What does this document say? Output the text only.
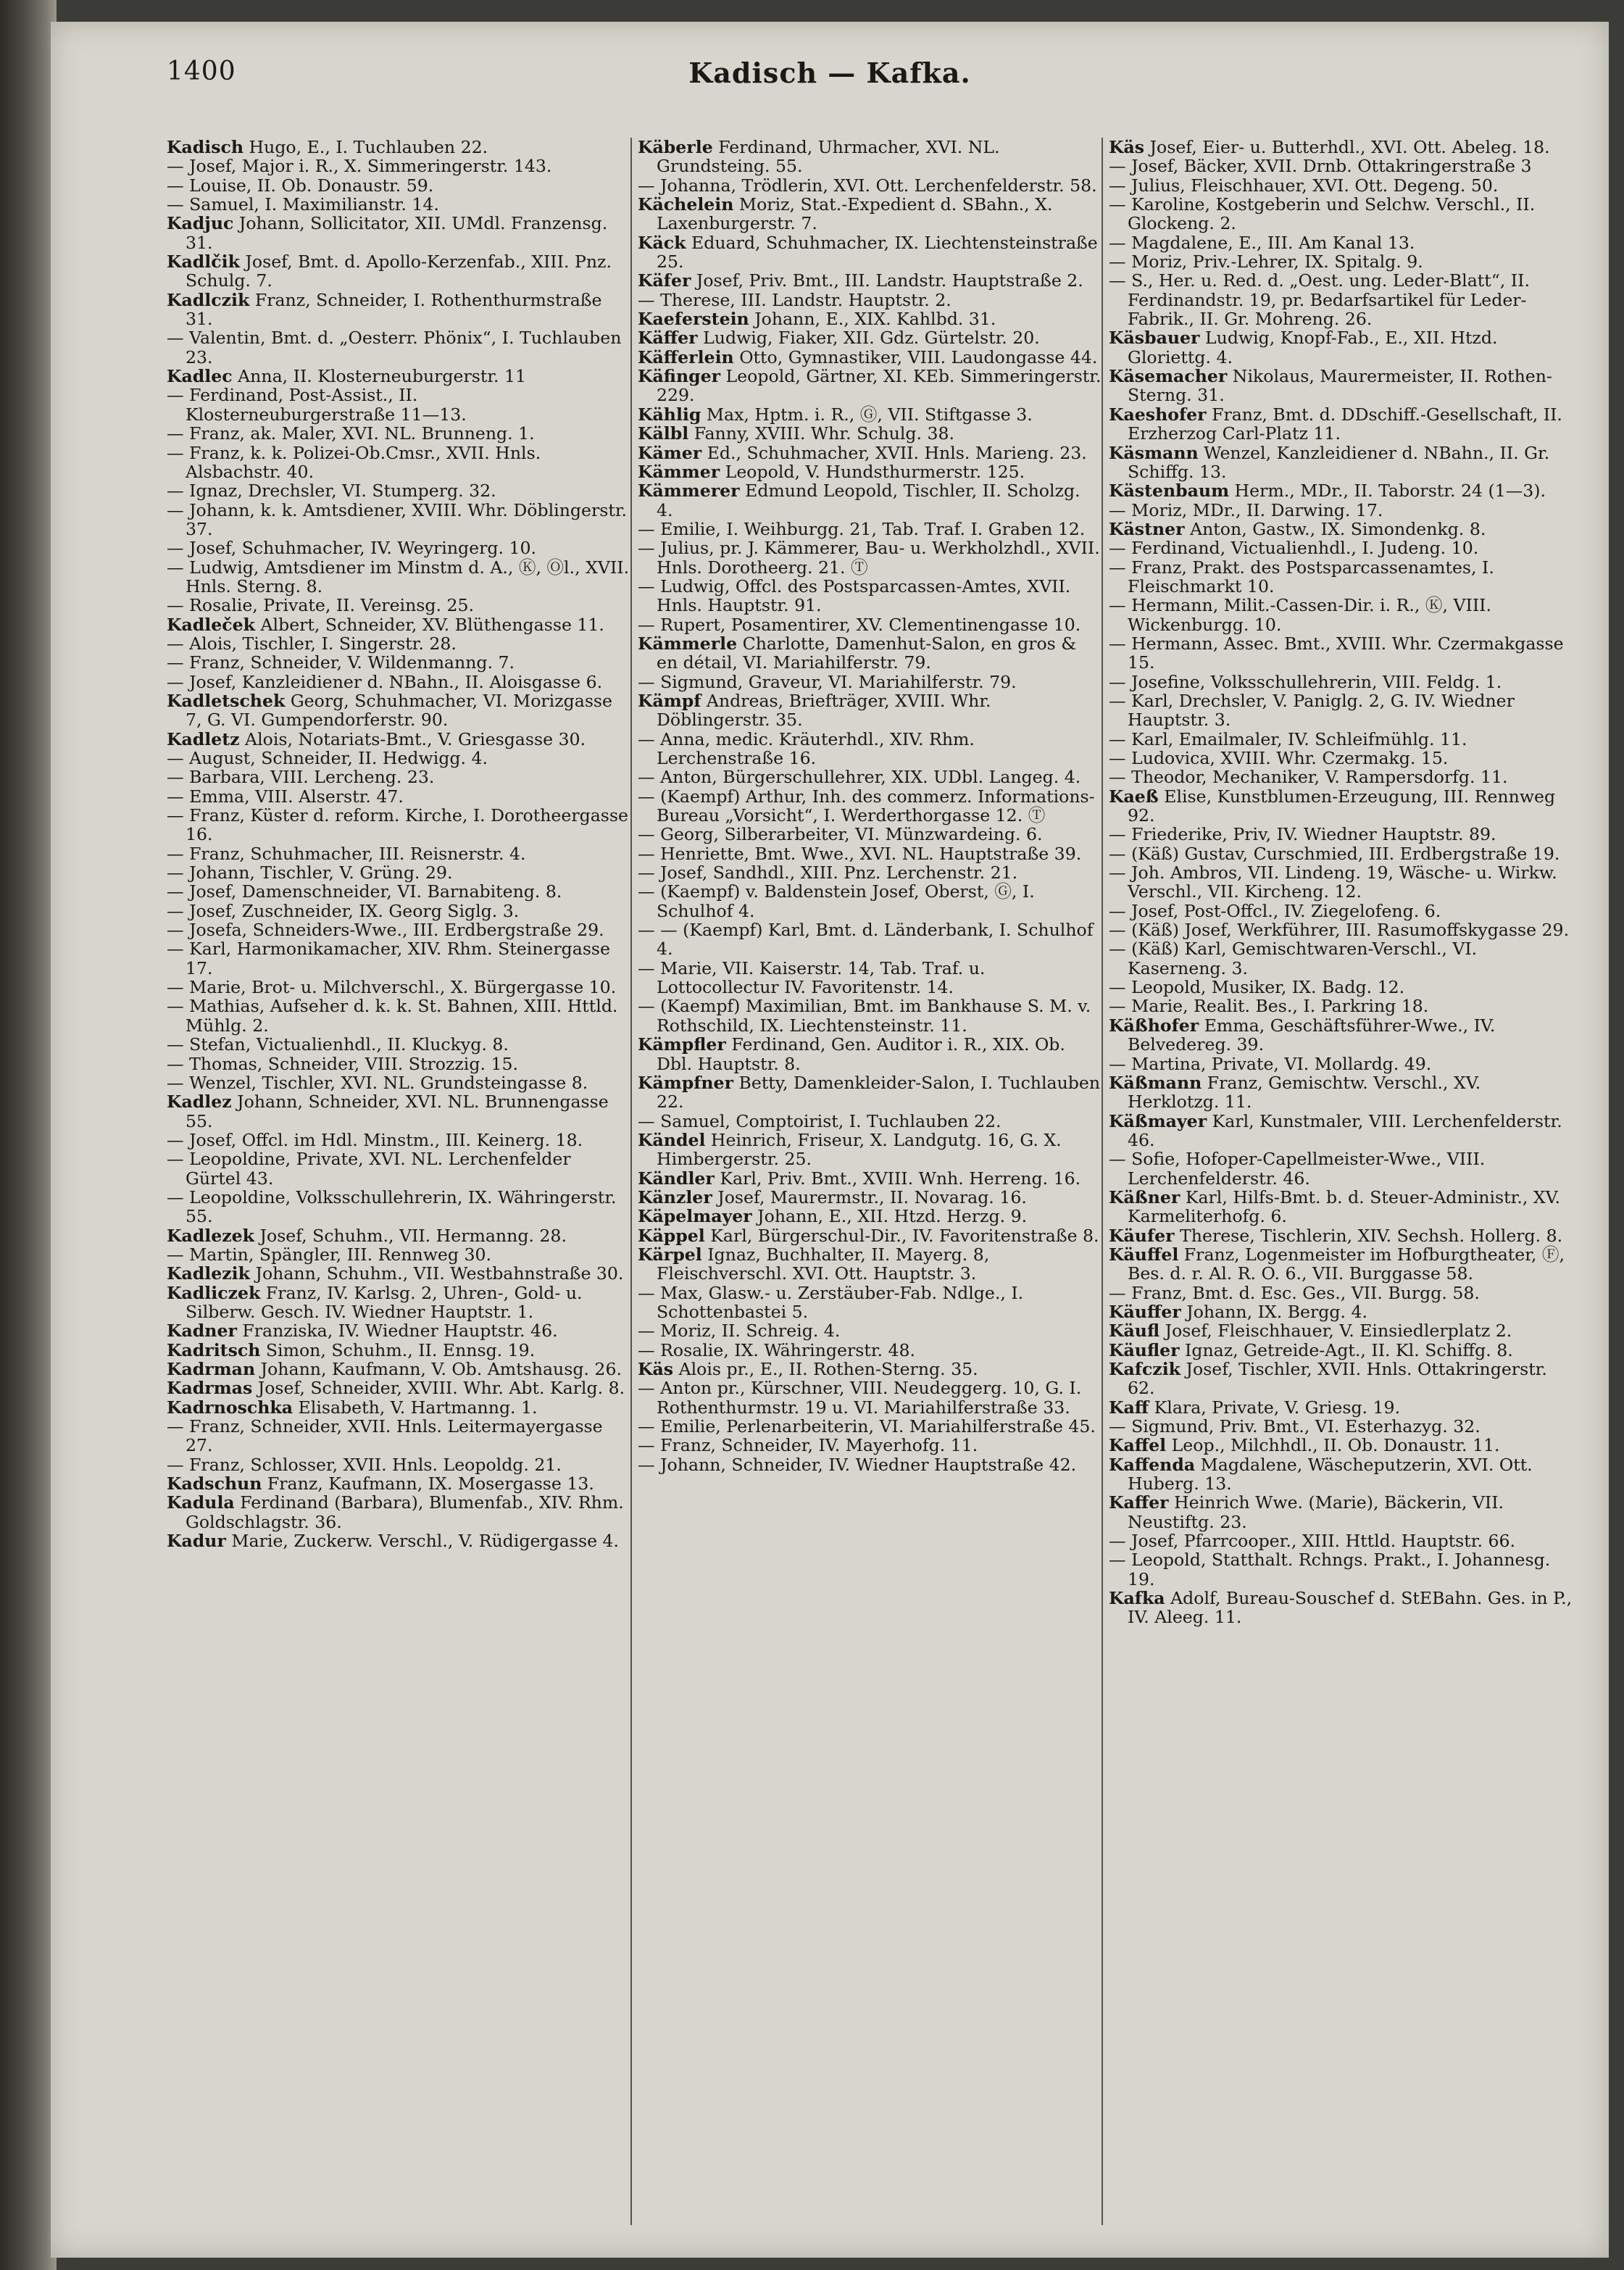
Kadisch — Kafka.
1400

Kadisch Hugo, E., I. Tuchlauben 22.

— Josef, Major i. R., X. Simmeringerstr. 143.

— Louise, II. Ob. Donaustr. 59.

— Samuel, I. Maximilianstr. 14.

Kadjuc Johann, Sollicitator, XII. UMdl. Franzensg. 31.

Kadlčik Josef, Bmt. d. Apollo-Kerzenfab., XIII. Pnz. Schulg. 7.

Kadlczik Franz, Schneider, I. Rothenthurmstraße 31.

— Valentin, Bmt. d. „Oesterr. Phönix“, I. Tuchlauben 23.

Kadlec Anna, II. Klosterneuburgerstr. 11

— Ferdinand, Post-Assist., II. Klosterneuburgerstraße 11—13.

— Franz, ak. Maler, XVI. NL. Brunneng. 1.

— Franz, k. k. Polizei-Ob.Cmsr., XVII. Hnls. Alsbachstr. 40.

— Ignaz, Drechsler, VI. Stumperg. 32.

— Johann, k. k. Amtsdiener, XVIII. Whr. Döblingerstr. 37.

— Josef, Schuhmacher, IV. Weyringerg. 10.

— Ludwig, Amtsdiener im Minstm d. A., Ⓚ, Ⓞl., XVII. Hnls. Sterng. 8.

— Rosalie, Private, II. Vereinsg. 25.

Kadleček Albert, Schneider, XV. Blüthengasse 11.

— Alois, Tischler, I. Singerstr. 28.

— Franz, Schneider, V. Wildenmanng. 7.

— Josef, Kanzleidiener d. NBahn., II. Aloisgasse 6.

Kadletschek Georg, Schuhmacher, VI. Morizgasse 7, G. VI. Gumpendorferstr. 90.

Kadletz Alois, Notariats-Bmt., V. Griesgasse 30.

— August, Schneider, II. Hedwigg. 4.

— Barbara, VIII. Lercheng. 23.

— Emma, VIII. Alserstr. 47.

— Franz, Küster d. reform. Kirche, I. Dorotheergasse 16.

— Franz, Schuhmacher, III. Reisnerstr. 4.

— Johann, Tischler, V. Grüng. 29.

— Josef, Damenschneider, VI. Barnabiteng. 8.

— Josef, Zuschneider, IX. Georg Siglg. 3.

— Josefa, Schneiders-Wwe., III. Erdbergstraße 29.

— Karl, Harmonikamacher, XIV. Rhm. Steinergasse 17.

— Marie, Brot- u. Milchverschl., X. Bürgergasse 10.

— Mathias, Aufseher d. k. k. St. Bahnen, XIII. Httld. Mühlg. 2.

— Stefan, Victualienhdl., II. Kluckyg. 8.

— Thomas, Schneider, VIII. Strozzig. 15.

— Wenzel, Tischler, XVI. NL. Grundsteingasse 8.

Kadlez Johann, Schneider, XVI. NL. Brunnengasse 55.

— Josef, Offcl. im Hdl. Minstm., III. Keinerg. 18.

— Leopoldine, Private, XVI. NL. Lerchenfelder Gürtel 43.

— Leopoldine, Volksschullehrerin, IX. Währingerstr. 55.

Kadlezek Josef, Schuhm., VII. Hermanng. 28.

— Martin, Spängler, III. Rennweg 30.

Kadlezik Johann, Schuhm., VII. Westbahnstraße 30.

Kadliczek Franz, IV. Karlsg. 2, Uhren-, Gold- u. Silberw. Gesch. IV. Wiedner Hauptstr. 1.

Kadner Franziska, IV. Wiedner Hauptstr. 46.

Kadritsch Simon, Schuhm., II. Ennsg. 19.

Kadrman Johann, Kaufmann, V. Ob. Amtshausg. 26.

Kadrmas Josef, Schneider, XVIII. Whr. Abt. Karlg. 8.

Kadrnoschka Elisabeth, V. Hartmanng. 1.

— Franz, Schneider, XVII. Hnls. Leitermayergasse 27.

— Franz, Schlosser, XVII. Hnls. Leopoldg. 21.

Kadschun Franz, Kaufmann, IX. Mosergasse 13.

Kadula Ferdinand (Barbara), Blumenfab., XIV. Rhm. Goldschlagstr. 36.

Kadur Marie, Zuckerw. Verschl., V. Rüdigergasse 4.

Käberle Ferdinand, Uhrmacher, XVI. NL. Grundsteing. 55.

— Johanna, Trödlerin, XVI. Ott. Lerchenfelderstr. 58.

Kächelein Moriz, Stat.-Expedient d. SBahn., X. Laxenburgerstr. 7.

Käck Eduard, Schuhmacher, IX. Liechtensteinstraße 25.

Käfer Josef, Priv. Bmt., III. Landstr. Hauptstraße 2.

— Therese, III. Landstr. Hauptstr. 2.

Kaeferstein Johann, E., XIX. Kahlbd. 31.

Käffer Ludwig, Fiaker, XII. Gdz. Gürtelstr. 20.

Käfferlein Otto, Gymnastiker, VIII. Laudongasse 44.

Käfinger Leopold, Gärtner, XI. KEb. Simmeringerstr. 229.

Kählig Max, Hptm. i. R., Ⓖ, VII. Stiftgasse 3.

Kälbl Fanny, XVIII. Whr. Schulg. 38.

Kämer Ed., Schuhmacher, XVII. Hnls. Marieng. 23.

Kämmer Leopold, V. Hundsthurmerstr. 125.

Kämmerer Edmund Leopold, Tischler, II. Scholzg. 4.

— Emilie, I. Weihburgg. 21, Tab. Traf. I. Graben 12.

— Julius, pr. J. Kämmerer, Bau- u. Werkholzhdl., XVII. Hnls. Dorotheerg. 21. Ⓣ

— Ludwig, Offcl. des Postsparcassen-Amtes, XVII. Hnls. Hauptstr. 91.

— Rupert, Posamentirer, XV. Clementinengasse 10.

Kämmerle Charlotte, Damenhut-Salon, en gros & en détail, VI. Mariahilferstr. 79.

— Sigmund, Graveur, VI. Mariahilferstr. 79.

Kämpf Andreas, Briefträger, XVIII. Whr. Döblingerstr. 35.

— Anna, medic. Kräuterhdl., XIV. Rhm. Lerchenstraße 16.

— Anton, Bürgerschullehrer, XIX. UDbl. Langeg. 4.

— (Kaempf) Arthur, Inh. des commerz. Informations-Bureau „Vorsicht“, I. Werderthorgasse 12. Ⓣ

— Georg, Silberarbeiter, VI. Münzwardeing. 6.

— Henriette, Bmt. Wwe., XVI. NL. Hauptstraße 39.

— Josef, Sandhdl., XIII. Pnz. Lerchenstr. 21.

— (Kaempf) v. Baldenstein Josef, Oberst, Ⓖ, I. Schulhof 4.

— — (Kaempf) Karl, Bmt. d. Länderbank, I. Schulhof 4.

— Marie, VII. Kaiserstr. 14, Tab. Traf. u. Lottocollectur IV. Favoritenstr. 14.

— (Kaempf) Maximilian, Bmt. im Bankhause S. M. v. Rothschild, IX. Liechtensteinstr. 11.

Kämpfler Ferdinand, Gen. Auditor i. R., XIX. Ob. Dbl. Hauptstr. 8.

Kämpfner Betty, Damenkleider-Salon, I. Tuchlauben 22.

— Samuel, Comptoirist, I. Tuchlauben 22.

Kändel Heinrich, Friseur, X. Landgutg. 16, G. X. Himbergerstr. 25.

Kändler Karl, Priv. Bmt., XVIII. Wnh. Herreng. 16.

Känzler Josef, Maurermstr., II. Novarag. 16.

Käpelmayer Johann, E., XII. Htzd. Herzg. 9.

Käppel Karl, Bürgerschul-Dir., IV. Favoritenstraße 8.

Kärpel Ignaz, Buchhalter, II. Mayerg. 8, Fleischverschl. XVI. Ott. Hauptstr. 3.

— Max, Glasw.- u. Zerstäuber-Fab. Ndlge., I. Schottenbastei 5.

— Moriz, II. Schreig. 4.

— Rosalie, IX. Währingerstr. 48.

Käs Alois pr., E., II. Rothen-Sterng. 35.

— Anton pr., Kürschner, VIII. Neudeggerg. 10, G. I. Rothenthurmstr. 19 u. VI. Mariahilferstraße 33.

— Emilie, Perlenarbeiterin, VI. Mariahilferstraße 45.

— Franz, Schneider, IV. Mayerhofg. 11.

— Johann, Schneider, IV. Wiedner Hauptstraße 42.

Käs Josef, Eier- u. Butterhdl., XVI. Ott. Abeleg. 18.

— Josef, Bäcker, XVII. Drnb. Ottakringerstraße 3

— Julius, Fleischhauer, XVI. Ott. Degeng. 50.

— Karoline, Kostgeberin und Selchw. Verschl., II. Glockeng. 2.

— Magdalene, E., III. Am Kanal 13.

— Moriz, Priv.-Lehrer, IX. Spitalg. 9.

— S., Her. u. Red. d. „Oest. ung. Leder-Blatt“, II. Ferdinandstr. 19, pr. Bedarfsartikel für Leder-Fabrik., II. Gr. Mohreng. 26.

Käsbauer Ludwig, Knopf-Fab., E., XII. Htzd. Gloriettg. 4.

Käsemacher Nikolaus, Maurermeister, II. Rothen-Sterng. 31.

Kaeshofer Franz, Bmt. d. DDschiff.-Gesellschaft, II. Erzherzog Carl-Platz 11.

Käsmann Wenzel, Kanzleidiener d. NBahn., II. Gr. Schiffg. 13.

Kästenbaum Herm., MDr., II. Taborstr. 24 (1—3).

— Moriz, MDr., II. Darwing. 17.

Kästner Anton, Gastw., IX. Simondenkg. 8.

— Ferdinand, Victualienhdl., I. Judeng. 10.

— Franz, Prakt. des Postsparcassenamtes, I. Fleischmarkt 10.

— Hermann, Milit.-Cassen-Dir. i. R., Ⓚ, VIII. Wickenburgg. 10.

— Hermann, Assec. Bmt., XVIII. Whr. Czermakgasse 15.

— Josefine, Volksschullehrerin, VIII. Feldg. 1.

— Karl, Drechsler, V. Paniglg. 2, G. IV. Wiedner Hauptstr. 3.

— Karl, Emailmaler, IV. Schleifmühlg. 11.

— Ludovica, XVIII. Whr. Czermakg. 15.

— Theodor, Mechaniker, V. Rampersdorfg. 11.

Kaeß Elise, Kunstblumen-Erzeugung, III. Rennweg 92.

— Friederike, Priv, IV. Wiedner Hauptstr. 89.

— (Käß) Gustav, Curschmied, III. Erdbergstraße 19.

— Joh. Ambros, VII. Lindeng. 19, Wäsche- u. Wirkw. Verschl., VII. Kircheng. 12.

— Josef, Post-Offcl., IV. Ziegelofeng. 6.

— (Käß) Josef, Werkführer, III. Rasumoffskygasse 29.

— (Käß) Karl, Gemischtwaren-Verschl., VI. Kaserneng. 3.

— Leopold, Musiker, IX. Badg. 12.

— Marie, Realit. Bes., I. Parkring 18.

Käßhofer Emma, Geschäftsführer-Wwe., IV. Belvedereg. 39.

— Martina, Private, VI. Mollardg. 49.

Käßmann Franz, Gemischtw. Verschl., XV. Herklotzg. 11.

Käßmayer Karl, Kunstmaler, VIII. Lerchenfelderstr. 46.

— Sofie, Hofoper-Capellmeister-Wwe., VIII. Lerchenfelderstr. 46.

Käßner Karl, Hilfs-Bmt. b. d. Steuer-Administr., XV. Karmeliterhofg. 6.

Käufer Therese, Tischlerin, XIV. Sechsh. Hollerg. 8.

Käuffel Franz, Logenmeister im Hofburgtheater, Ⓕ, Bes. d. r. Al. R. O. 6., VII. Burggasse 58.

— Franz, Bmt. d. Esc. Ges., VII. Burgg. 58.

Käuffer Johann, IX. Bergg. 4.

Käufl Josef, Fleischhauer, V. Einsiedlerplatz 2.

Käufler Ignaz, Getreide-Agt., II. Kl. Schiffg. 8.

Kafczik Josef, Tischler, XVII. Hnls. Ottakringerstr. 62.

Kaff Klara, Private, V. Griesg. 19.

— Sigmund, Priv. Bmt., VI. Esterhazyg. 32.

Kaffel Leop., Milchhdl., II. Ob. Donaustr. 11.

Kaffenda Magdalene, Wäscheputzerin, XVI. Ott. Huberg. 13.

Kaffer Heinrich Wwe. (Marie), Bäckerin, VII. Neustiftg. 23.

— Josef, Pfarrcooper., XIII. Httld. Hauptstr. 66.

— Leopold, Statthalt. Rchngs. Prakt., I. Johannesg. 19.

Kafka Adolf, Bureau-Souschef d. StEBahn. Ges. in P., IV. Aleeg. 11.
